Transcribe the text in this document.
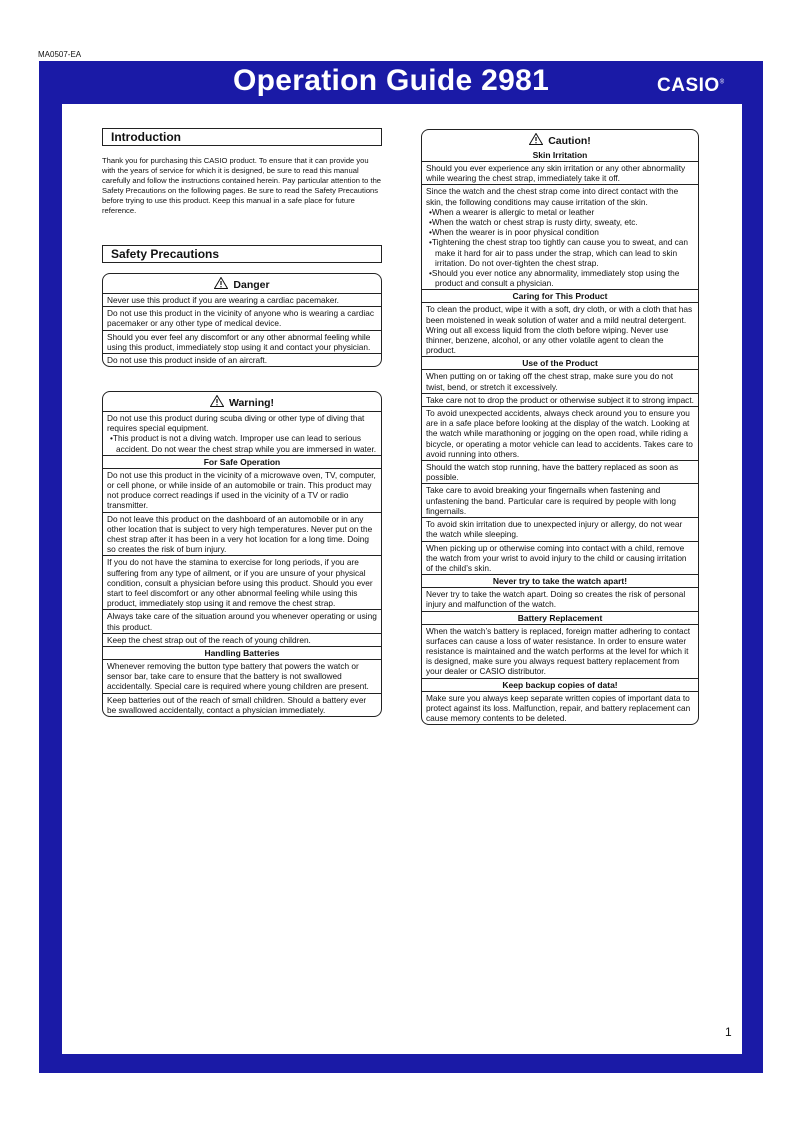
MA0507-EA
Operation Guide 2981	CASIO®
1
Introduction
Thank you for purchasing this CASIO product. To ensure that it can provide you with the years of service for which it is designed, be sure to read this manual carefully and follow the instructions contained herein. Pay particular attention to the Safety Precautions on the following pages. Be sure to read the Safety Precautions before trying to use this product. Keep this manual in a safe place for future reference.
Safety Precautions
Danger
Never use this product if you are wearing a cardiac pacemaker.
Do not use this product in the vicinity of anyone who is wearing a cardiac pacemaker or any other type of medical device.
Should you ever feel any discomfort or any other abnormal feeling while using this product, immediately stop using it and contact your physician.
Do not use this product inside of an aircraft.
Warning!
Do not use this product during scuba diving or other type of diving that requires special equipment.
•This product is not a diving watch. Improper use can lead to serious accident. Do not wear the chest strap while you are immersed in water.
For Safe Operation
Do not use this product in the vicinity of a microwave oven, TV, computer, or cell phone, or while inside of an automobile or train. This product may not produce correct readings if used in the vicinity of a TV or radio transmitter.
Do not leave this product on the dashboard of an automobile or in any other location that is subject to very high temperatures. Never put on the chest strap after it has been in a very hot location for a long time. Doing so creates the risk of burn injury.
If you do not have the stamina to exercise for long periods, if you are suffering from any type of ailment, or if you are unsure of your physical condition, consult a physician before using this product. Should you ever start to feel discomfort or any other abnormal feeling while using this product, immediately stop using it and remove the chest strap.
Always take care of the situation around you whenever operating or using this product.
Keep the chest strap out of the reach of young children.
Handling Batteries
Whenever removing the button type battery that powers the watch or sensor bar, take care to ensure that the battery is not swallowed accidentally. Special care is required where young children are present.
Keep batteries out of the reach of small children. Should a battery ever be swallowed accidentally, contact a physician immediately.
Caution!
Skin Irritation
Should you ever experience any skin irritation or any other abnormality while wearing the chest strap, immediately take it off.
Since the watch and the chest strap come into direct contact with the skin, the following conditions may cause irritation of the skin.
•When a wearer is allergic to metal or leather
•When the watch or chest strap is rusty dirty, sweaty, etc.
•When the wearer is in poor physical condition
•Tightening the chest strap too tightly can cause you to sweat, and can make it hard for air to pass under the strap, which can lead to skin irritation. Do not over-tighten the chest strap.
•Should you ever notice any abnormality, immediately stop using the product and consult a physician.
Caring for This Product
To clean the product, wipe it with a soft, dry cloth, or with a cloth that has been moistened in weak solution of water and a mild neutral detergent. Wring out all excess liquid from the cloth before wiping. Never use thinner, benzene, alcohol, or any other volatile agent to clean the product.
Use of the Product
When putting on or taking off the chest strap, make sure you do not twist, bend, or stretch it excessively.
Take care not to drop the product or otherwise subject it to strong impact.
To avoid unexpected accidents, always check around you to ensure you are in a safe place before looking at the display of the watch. Looking at the watch while marathoning or jogging on the open road, while riding a bicycle, or operating a motor vehicle can lead to accidents. Takes care to avoid running into others.
Should the watch stop running, have the battery replaced as soon as possible.
Take care to avoid breaking your fingernails when fastening and unfastening the band. Particular care is required by people with long fingernails.
To avoid skin irritation due to unexpected injury or allergy, do not wear the watch while sleeping.
When picking up or otherwise coming into contact with a child, remove the watch from your wrist to avoid injury to the child or causing irritation of the child’s skin.
Never try to take the watch apart!
Never try to take the watch apart. Doing so creates the risk of personal injury and malfunction of the watch.
Battery Replacement
When the watch’s battery is replaced, foreign matter adhering to contact surfaces can cause a loss of water resistance. In order to ensure water resistance is maintained and the watch performs at the level for which it is designed, make sure you always request battery replacement from your dealer or CASIO distributor.
Keep backup copies of data!
Make sure you always keep separate written copies of important data to protect against its loss. Malfunction, repair, and battery replacement can cause memory contents to be deleted.
